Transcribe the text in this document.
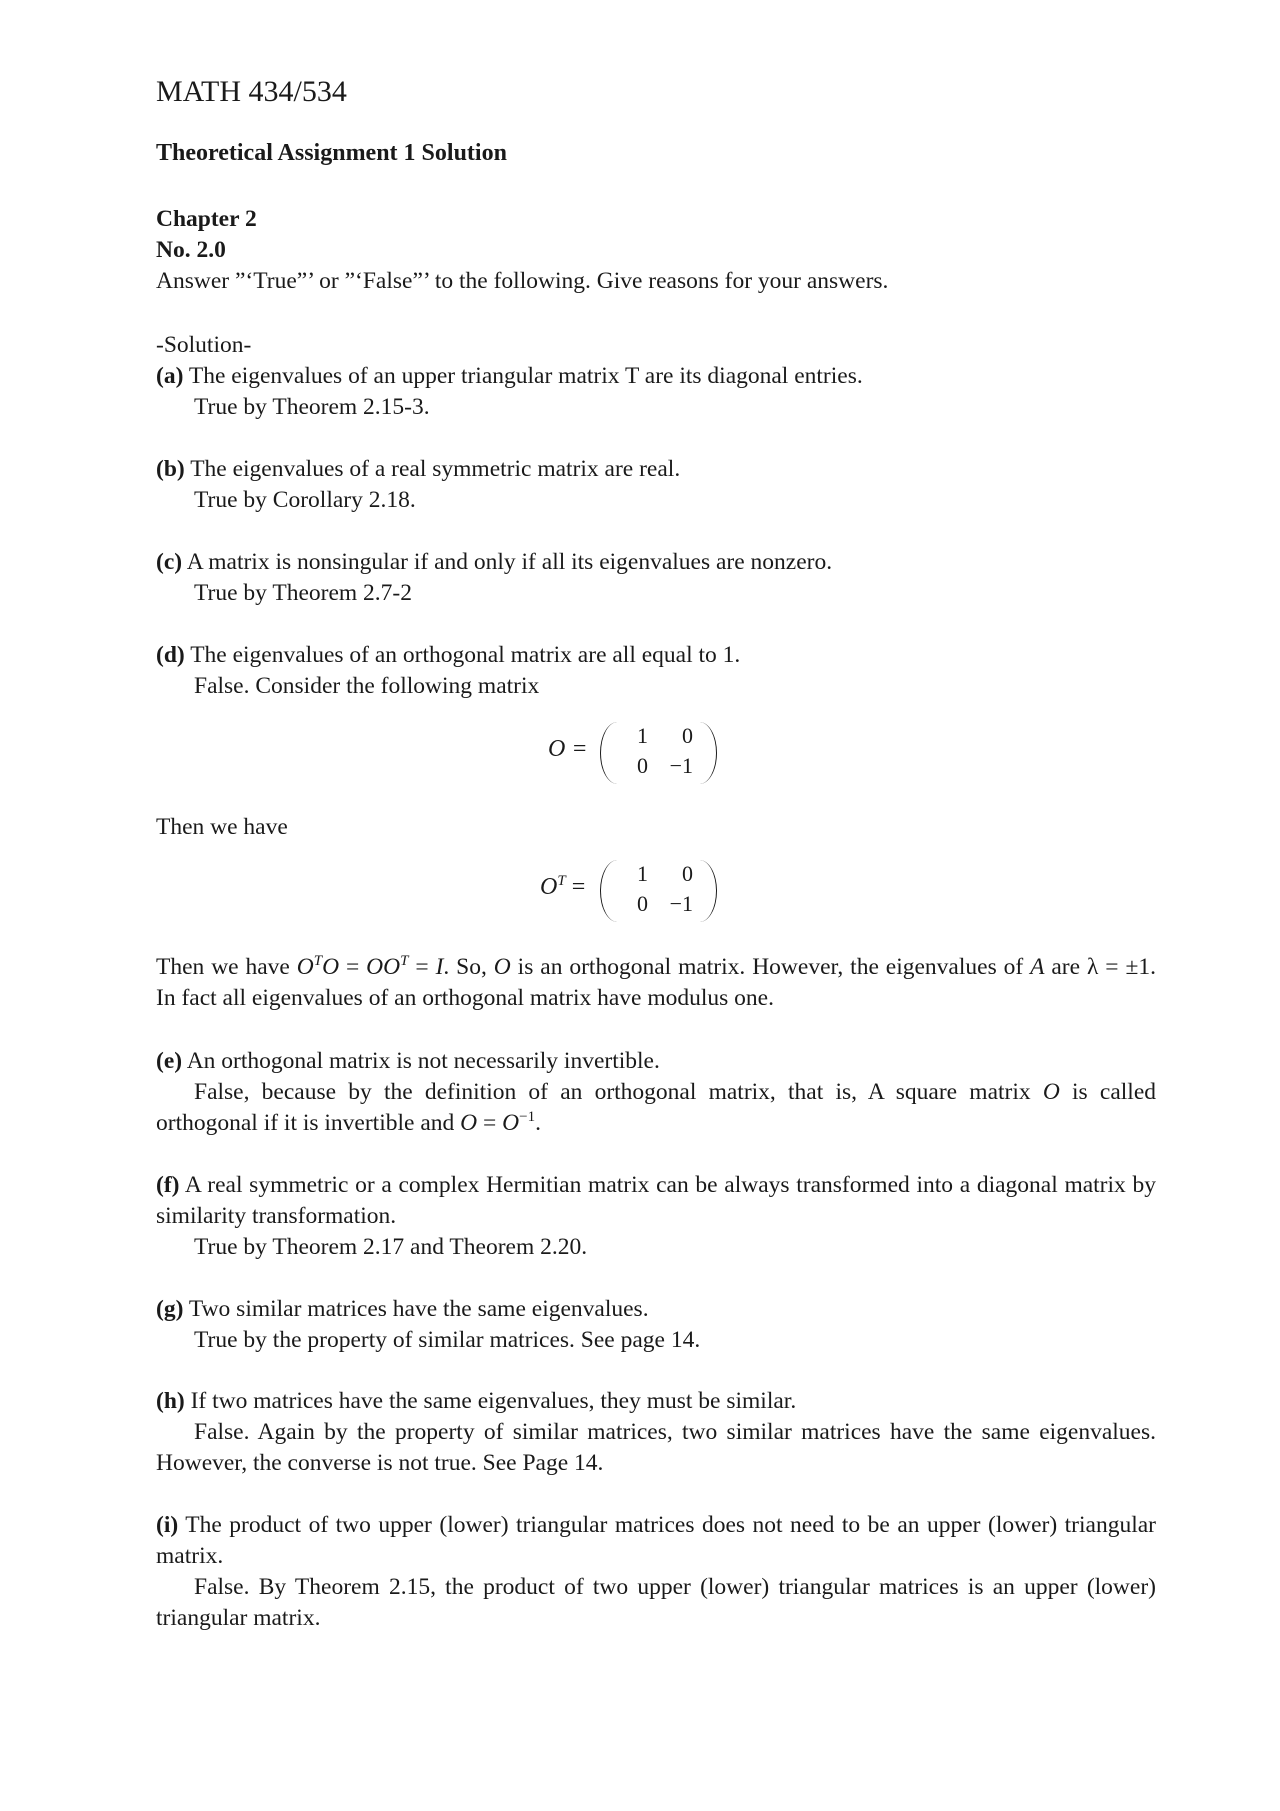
MATH 434/534
Theoretical Assignment 1 Solution
Chapter 2
No. 2.0
Answer ”‘True”’ or ”‘False”’ to the following. Give reasons for your answers.
-Solution-
(a) The eigenvalues of an upper triangular matrix T are its diagonal entries.
True by Theorem 2.15-3.
(b) The eigenvalues of a real symmetric matrix are real.
True by Corollary 2.18.
(c) A matrix is nonsingular if and only if all its eigenvalues are nonzero.
True by Theorem 2.7-2
(d) The eigenvalues of an orthogonal matrix are all equal to 1.
False. Consider the following matrix
O =
1	0
0 −1
Then we have
$O^T$ =
1	0
0 −1
Then we have $O^TO = OO^T = I$. So, O is an orthogonal matrix. However, the eigenvalues of A are λ = ±1. In fact all eigenvalues of an orthogonal matrix have modulus one.
(e) An orthogonal matrix is not necessarily invertible.
False, because by the definition of an orthogonal matrix, that is, A square matrix O is called orthogonal if it is invertible and $O = O^{-1}$.
(f) A real symmetric or a complex Hermitian matrix can be always transformed into a diagonal matrix by similarity transformation.
True by Theorem 2.17 and Theorem 2.20.
(g) Two similar matrices have the same eigenvalues.
True by the property of similar matrices. See page 14.
(h) If two matrices have the same eigenvalues, they must be similar.
False. Again by the property of similar matrices, two similar matrices have the same eigenvalues. However, the converse is not true. See Page 14.
(i) The product of two upper (lower) triangular matrices does not need to be an upper (lower) triangular matrix.
False. By Theorem 2.15, the product of two upper (lower) triangular matrices is an upper (lower) triangular matrix.
